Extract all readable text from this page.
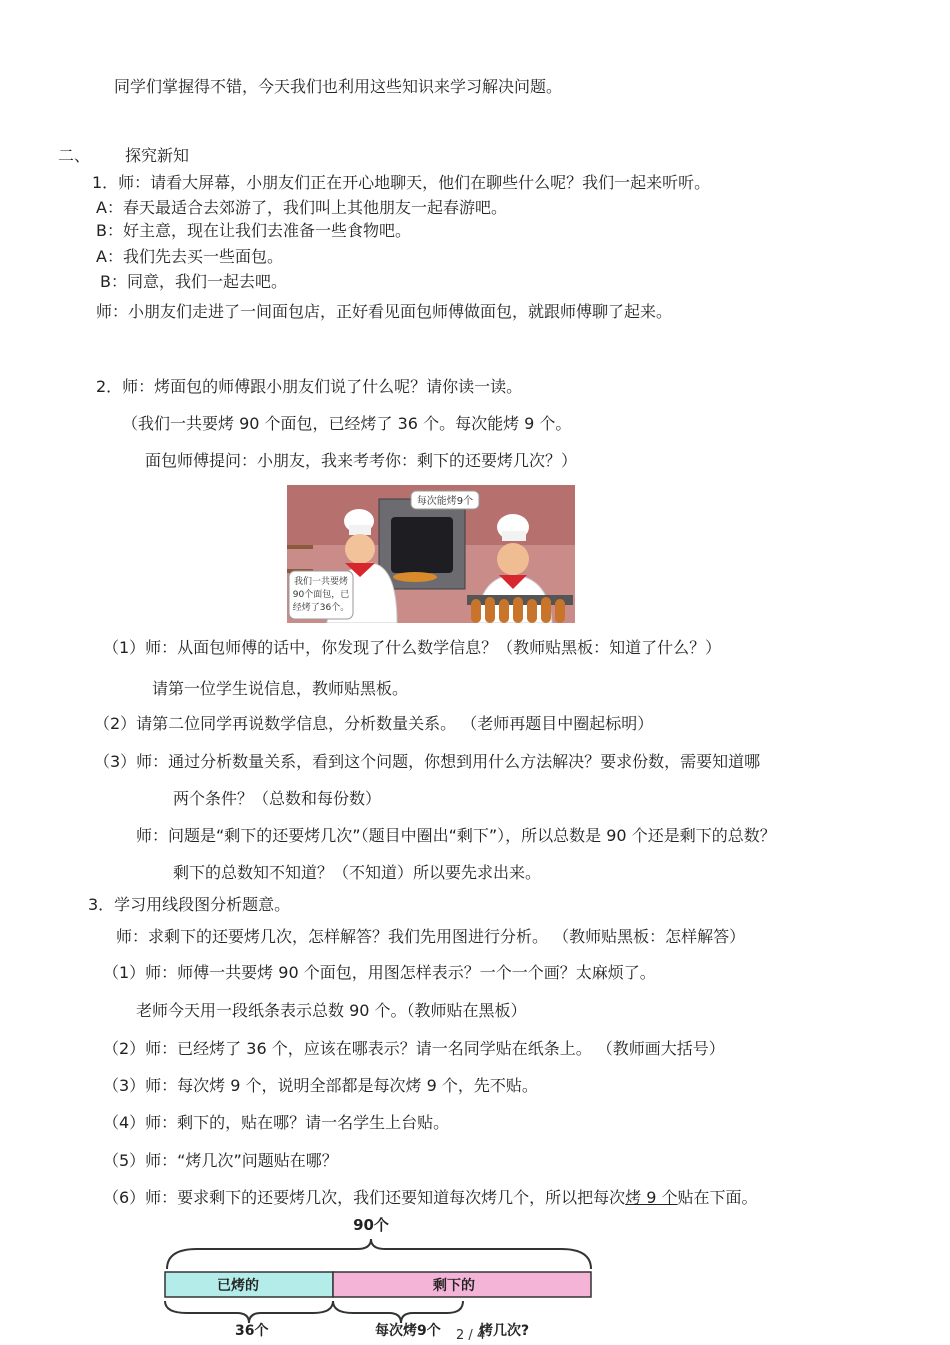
同学们掌握得不错，今天我们也利用这些知识来学习解决问题。
二、 探究新知
1．师：请看大屏幕，小朋友们正在开心地聊天，他们在聊些什么呢？我们一起来听听。
A：春天最适合去郊游了，我们叫上其他朋友一起春游吧。
B：好主意，现在让我们去准备一些食物吧。
A：我们先去买一些面包。
B：同意，我们一起去吧。
师：小朋友们走进了一间面包店，正好看见面包师傅做面包，就跟师傅聊了起来。
2．师：烤面包的师傅跟小朋友们说了什么呢？请你读一读。
（我们一共要烤 90 个面包，已经烤了 36 个。每次能烤 9 个。
面包师傅提问：小朋友，我来考考你：剩下的还要烤几次？）
每次能烤9个
我们一共要烤
90个面包，已
经烤了36个。
（1）师：从面包师傅的话中，你发现了什么数学信息？（教师贴黑板：知道了什么？）
请第一位学生说信息，教师贴黑板。
（2）请第二位同学再说数学信息，分析数量关系。 （老师再题目中圈起标明）
（3）师：通过分析数量关系，看到这个问题，你想到用什么方法解决？要求份数，需要知道哪
两个条件？（总数和每份数）
师：问题是“剩下的还要烤几次”（题目中圈出“剩下”），所以总数是 90 个还是剩下的总数？
剩下的总数知不知道？（不知道）所以要先求出来。
3．学习用线段图分析题意。
师：求剩下的还要烤几次，怎样解答？我们先用图进行分析。 （教师贴黑板：怎样解答）
（1）师：师傅一共要烤 90 个面包，用图怎样表示？一个一个画？太麻烦了。
老师今天用一段纸条表示总数 90 个。（教师贴在黑板）
（2）师：已经烤了 36 个，应该在哪表示？请一名同学贴在纸条上。 （教师画大括号）
（3）师：每次烤 9 个，说明全部都是每次烤 9 个，先不贴。
（4）师：剩下的，贴在哪？请一名学生上台贴。
（5）师：“烤几次”问题贴在哪？
（6）师：要求剩下的还要烤几次，我们还要知道每次烤几个，所以把每次烤 9 个贴在下面。
90个
已烤的	剩下的
36个	每次烤9个	烤几次?
2 / 4
